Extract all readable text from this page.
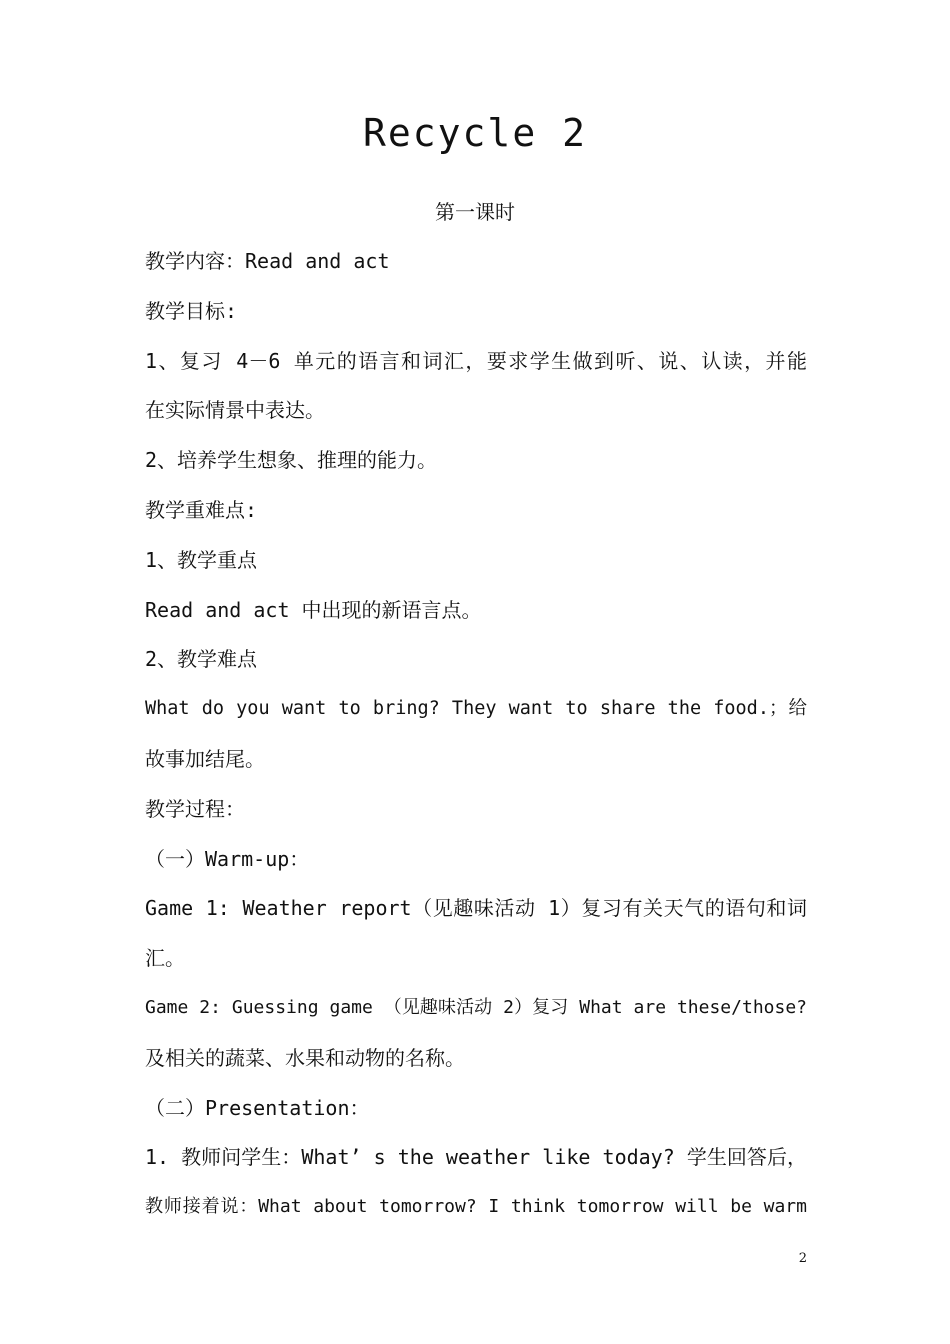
Recycle 2
第一课时
教学内容：Read and act
教学目标:
1、复习 4－6 单元的语言和词汇，要求学生做到听、说、认读，并能
在实际情景中表达。
2、培养学生想象、推理的能力。
教学重难点:
1、教学重点
Read and act 中出现的新语言点。
2、教学难点
What do you want to bring? They want to share the food.；给
故事加结尾。
教学过程：
（一）Warm-up：
Game 1: Weather report（见趣味活动 1）复习有关天气的语句和词
汇。
Game 2: Guessing game （见趣味活动 2）复习 What are these/those?
及相关的蔬菜、水果和动物的名称。
（二）Presentation：
1. 教师问学生：What’ s the weather like today? 学生回答后，
教师接着说：What about tomorrow? I think tomorrow will be warm
2
